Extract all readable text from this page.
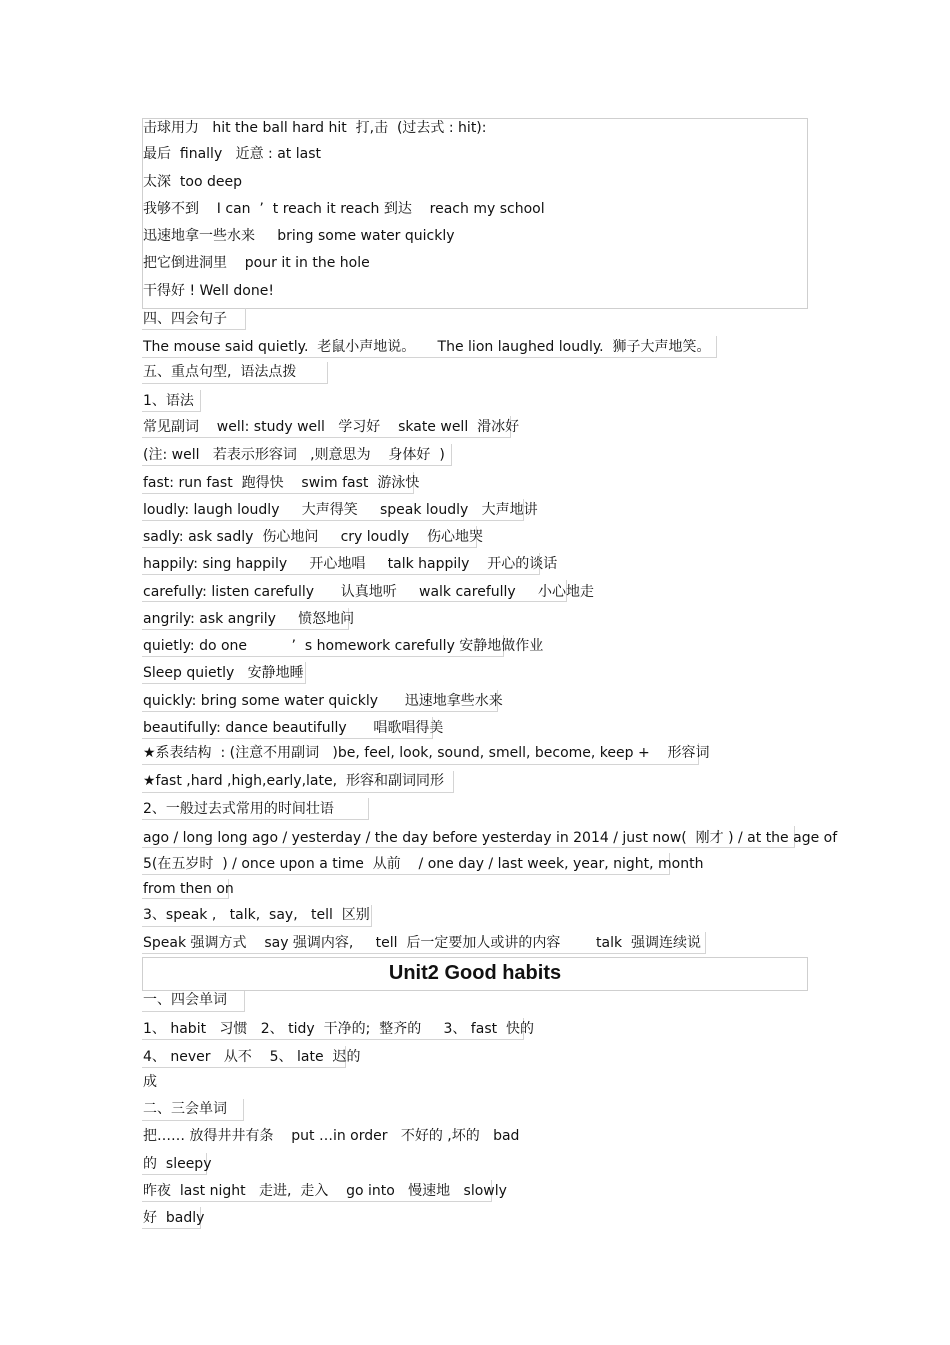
击球用力   hit the ball hard hit  打,击  (过去式 : hit):
最后  finally   近意 : at last
太深  too deep
我够不到    I can  ’  t reach it reach 到达    reach my school
迅速地拿一些水来     bring some water quickly
把它倒进洞里    pour it in the hole
干得好 ! Well done!
四、四会句子
The mouse said quietly.  老鼠小声地说。     The lion laughed loudly.  狮子大声地笑。
五、重点句型,  语法点拨
1、语法
常见副词    well: study well   学习好    skate well  滑冰好
(注: well   若表示形容词   ,则意思为    身体好  )
fast: run fast  跑得快    swim fast  游泳快
loudly: laugh loudly     大声得笑     speak loudly   大声地讲
sadly: ask sadly  伤心地问     cry loudly    伤心地哭
happily: sing happily     开心地唱     talk happily    开心的谈话
carefully: listen carefully      认真地听     walk carefully     小心地走
angrily: ask angrily     愤怒地问
quietly: do one          ’  s homework carefully 安静地做作业
Sleep quietly   安静地睡
quickly: bring some water quickly      迅速地拿些水来
beautifully: dance beautifully      唱歌唱得美
★系表结构  : (注意不用副词   )be, feel, look, sound, smell, become, keep +    形容词
★fast ,hard ,high,early,late,  形容和副词同形
2、一般过去式常用的时间壮语
ago / long long ago / yesterday / the day before yesterday in 2014 / just now(  刚才 ) / at the age of
5(在五岁时  ) / once upon a time  从前    / one day / last week, year, night, month
from then on
3、speak ,   talk,  say,   tell  区别
Speak 强调方式    say 强调内容,     tell  后一定要加人或讲的内容        talk  强调连续说
Unit2 Good habits
一、四会单词
1、 habit   习惯   2、 tidy  干净的;  整齐的     3、 fast  快的
4、 never   从不    5、 late  迟的
成
二、三会单词
把…… 放得井井有条    put …in order   不好的 ,坏的   bad
的  sleepy
昨夜  last night   走进,  走入    go into   慢速地   slowly
好  badly
